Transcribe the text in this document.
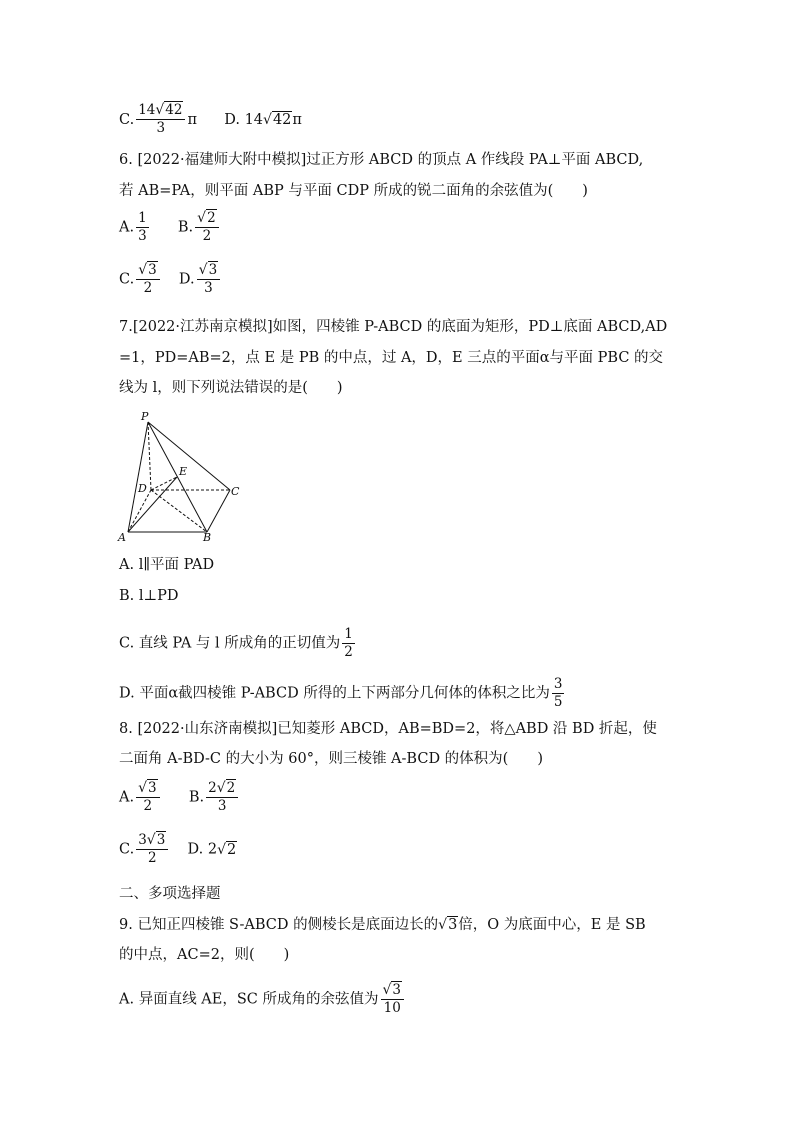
C. $\frac{14√42}{3}$ π D. 14√42π
6. [2022·福建师大附中模拟]过正方形 ABCD 的顶点 A 作线段 PA⊥平面 ABCD,
若 AB=PA，则平面 ABP 与平面 CDP 所成的锐二面角的余弦值为(　　)
A. $\frac{1}{3} B$. $\frac{√2}{2}$
C. $\frac{√3}{2} D$. $\frac{√3}{3}$
7.[2022·江苏南京模拟]如图，四棱锥 P-ABCD 的底面为矩形，PD⊥底面 ABCD,AD
=1，PD=AB=2，点 E 是 PB 的中点，过 A，D，E 三点的平面α与平面 PBC 的交
线为 l，则下列说法错误的是(　　)
P
E
D	C
A	B
A. l∥平面 PAD
B. l⊥PD
C. 直线 PA 与 l 所成角的正切值为 $\frac{1}{2}$
D. 平面α截四棱锥 P-ABCD 所得的上下两部分几何体的体积之比为 $\frac{3}{5}$
8. [2022·山东济南模拟]已知菱形 ABCD，AB=BD=2，将△ABD 沿 BD 折起，使
二面角 A-BD-C 的大小为 60°，则三棱锥 A-BCD 的体积为(　　)
A. $\frac{√3}{2} B$. $\frac{2√2}{3}$
C. $\frac{3√3}{2} D$. 2√2
二、多项选择题
9. 已知正四棱锥 S-ABCD 的侧棱长是底面边长的√3倍，O 为底面中心，E 是 SB
的中点，AC=2，则(　　)
A. 异面直线 AE，SC 所成角的余弦值为 $\frac{√3}{10}$
